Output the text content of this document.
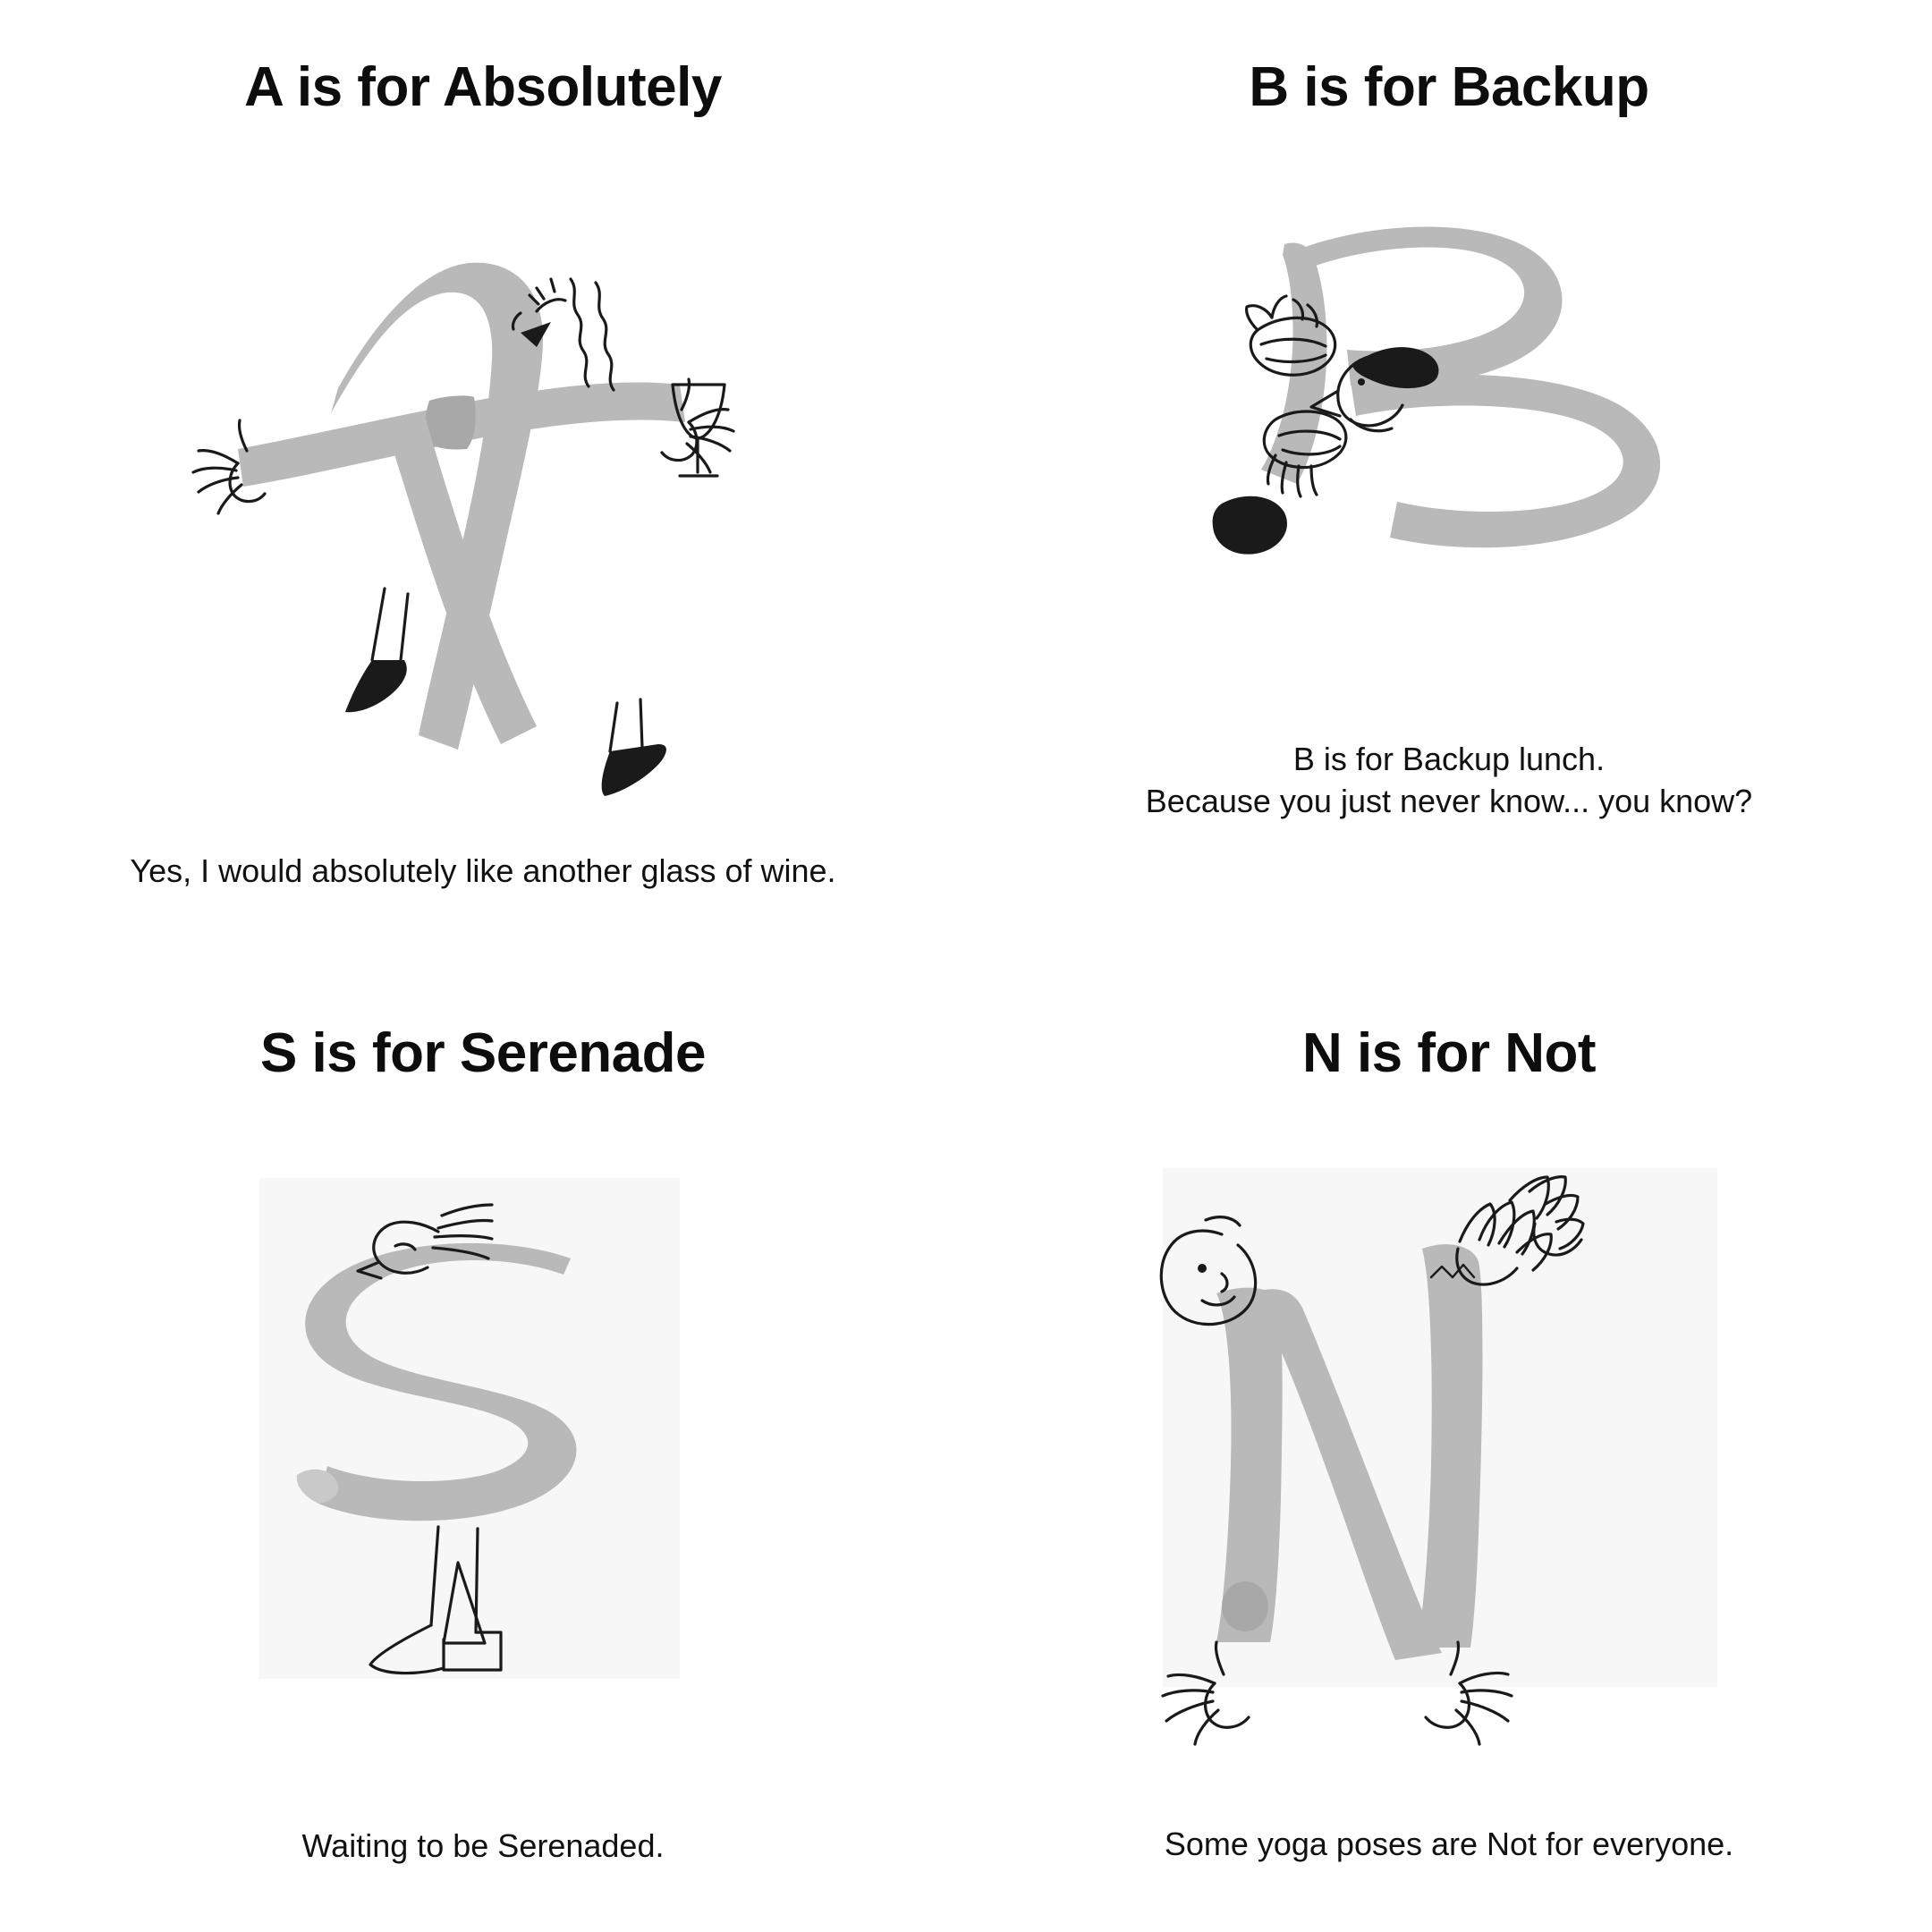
A is for Absolutely
Yes, I would absolutely like another glass of wine.
B is for Backup
B is for Backup lunch.
Because you just never know... you know?
S is for Serenade
Waiting to be Serenaded.
N is for Not
Some yoga poses are Not for everyone.
